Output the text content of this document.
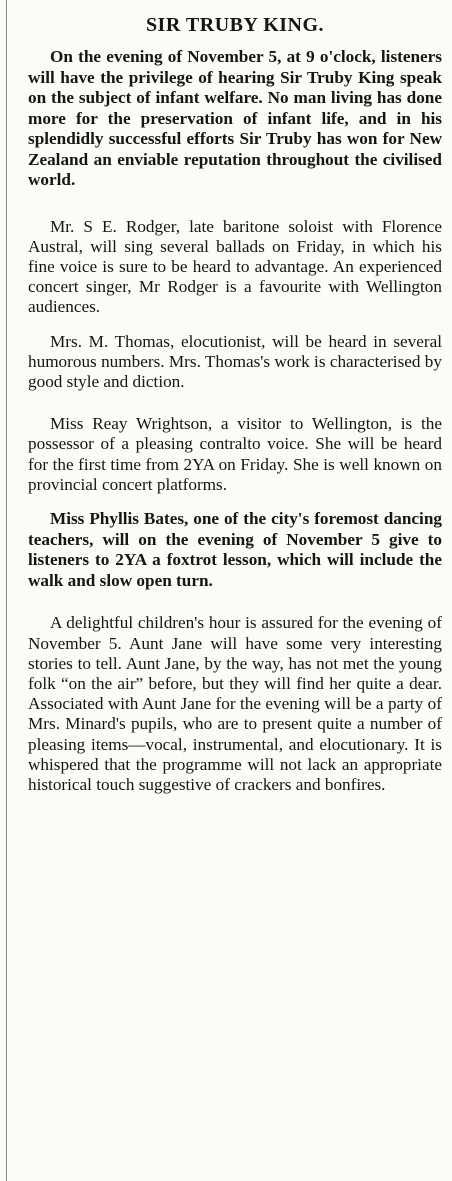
SIR TRUBY KING.

On the evening of November 5, at 9 o'clock, listeners will have the privilege of hearing Sir Truby King speak on the subject of infant welfare. No man living has done more for the preservation of infant life, and in his splendidly successful efforts Sir Truby has won for New Zealand an enviable reputation throughout the civilised world.

Mr. S E. Rodger, late baritone soloist with Florence Austral, will sing several ballads on Friday, in which his fine voice is sure to be heard to advantage. An experienced concert singer, Mr Rodger is a favourite with Wellington audiences.

Mrs. M. Thomas, elocutionist, will be heard in several humorous numbers. Mrs. Thomas's work is characterised by good style and diction.

Miss Reay Wrightson, a visitor to Wellington, is the possessor of a pleasing contralto voice. She will be heard for the first time from 2YA on Friday. She is well known on provincial concert platforms.

Miss Phyllis Bates, one of the city's foremost dancing teachers, will on the evening of November 5 give to listeners to 2YA a foxtrot lesson, which will include the walk and slow open turn.

A delightful children's hour is assured for the evening of November 5. Aunt Jane will have some very interesting stories to tell. Aunt Jane, by the way, has not met the young folk “on the air” before, but they will find her quite a dear. Associated with Aunt Jane for the evening will be a party of Mrs. Minard's pupils, who are to present quite a number of pleasing items—vocal, instrumental, and elocutionary. It is whispered that the programme will not lack an appropriate historical touch suggestive of crackers and bonfires.
